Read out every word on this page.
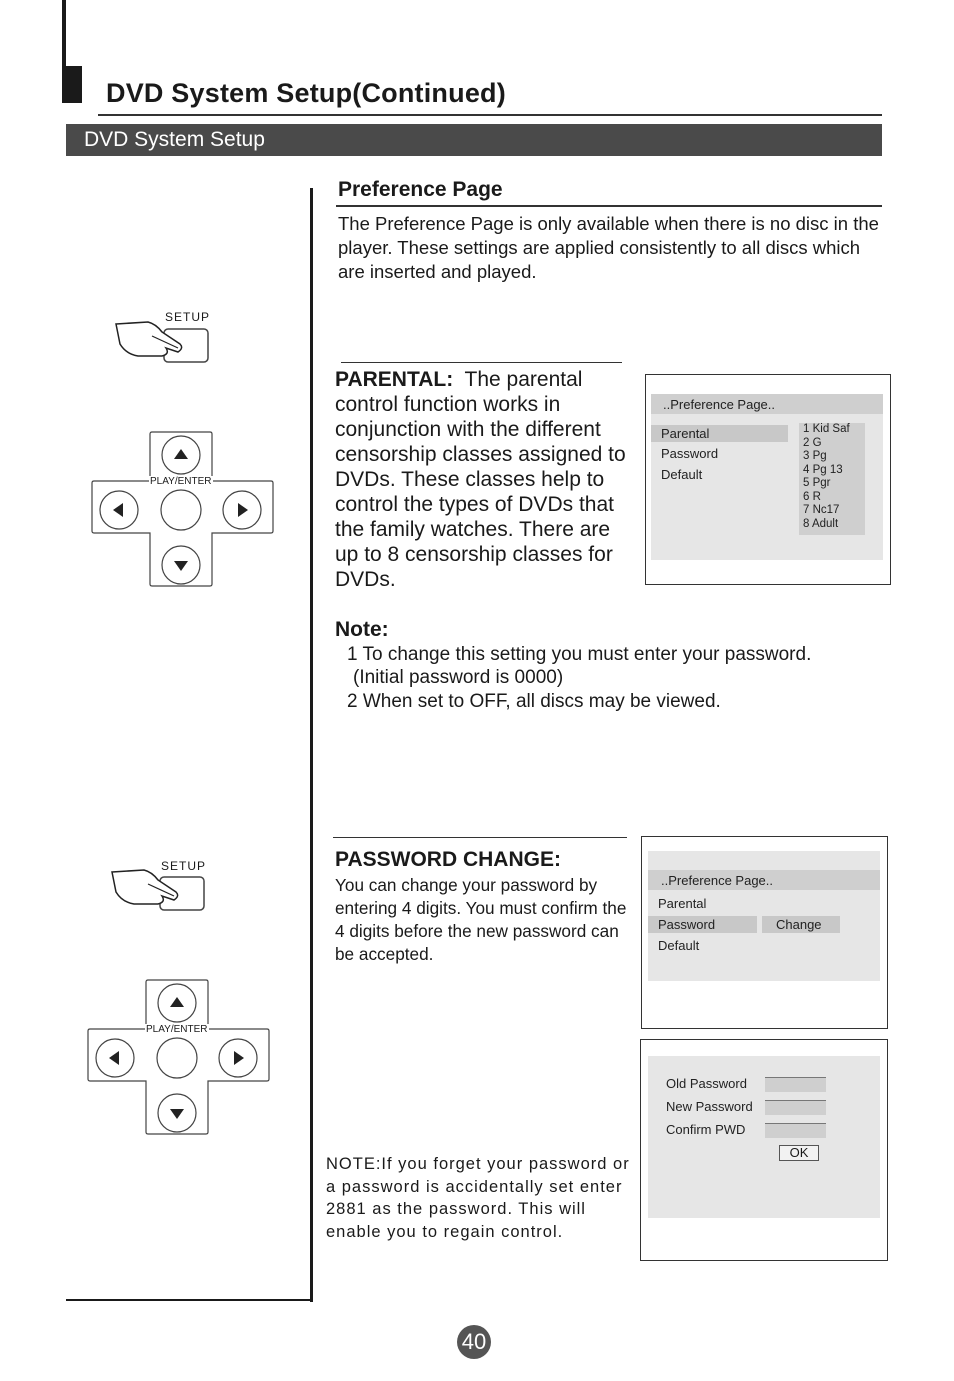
DVD System Setup(Continued)
DVD System Setup
Preference Page
The Preference Page is only available when there is no disc in the player. These settings are applied consistently to all discs which are inserted and played.
PARENTAL: The parental control function works in conjunction with the different censorship classes assigned to DVDs. These classes help to control the types of DVDs that the family watches. There are up to 8 censorship classes for DVDs.
Note:
1 To change this setting you must enter your password.
(Initial password is 0000)
2 When set to OFF, all discs may be viewed.
PASSWORD CHANGE:
You can change your password by entering 4 digits. You must confirm the 4 digits before the new password can be accepted.
NOTE:If you forget your password or a password is accidentally set enter 2881 as the password. This will enable you to regain control.
..Preference Page..
Parental
Password
Default
1 Kid Saf
2 G
3 Pg
4 Pg 13
5 Pgr
6 R
7 Nc17
8 Adult
..Preference Page..
Parental
Password	Change
Default
Old Password
New Password
Confirm PWD
OK
SETUP
PLAY/ENTER
SETUP
PLAY/ENTER
40
